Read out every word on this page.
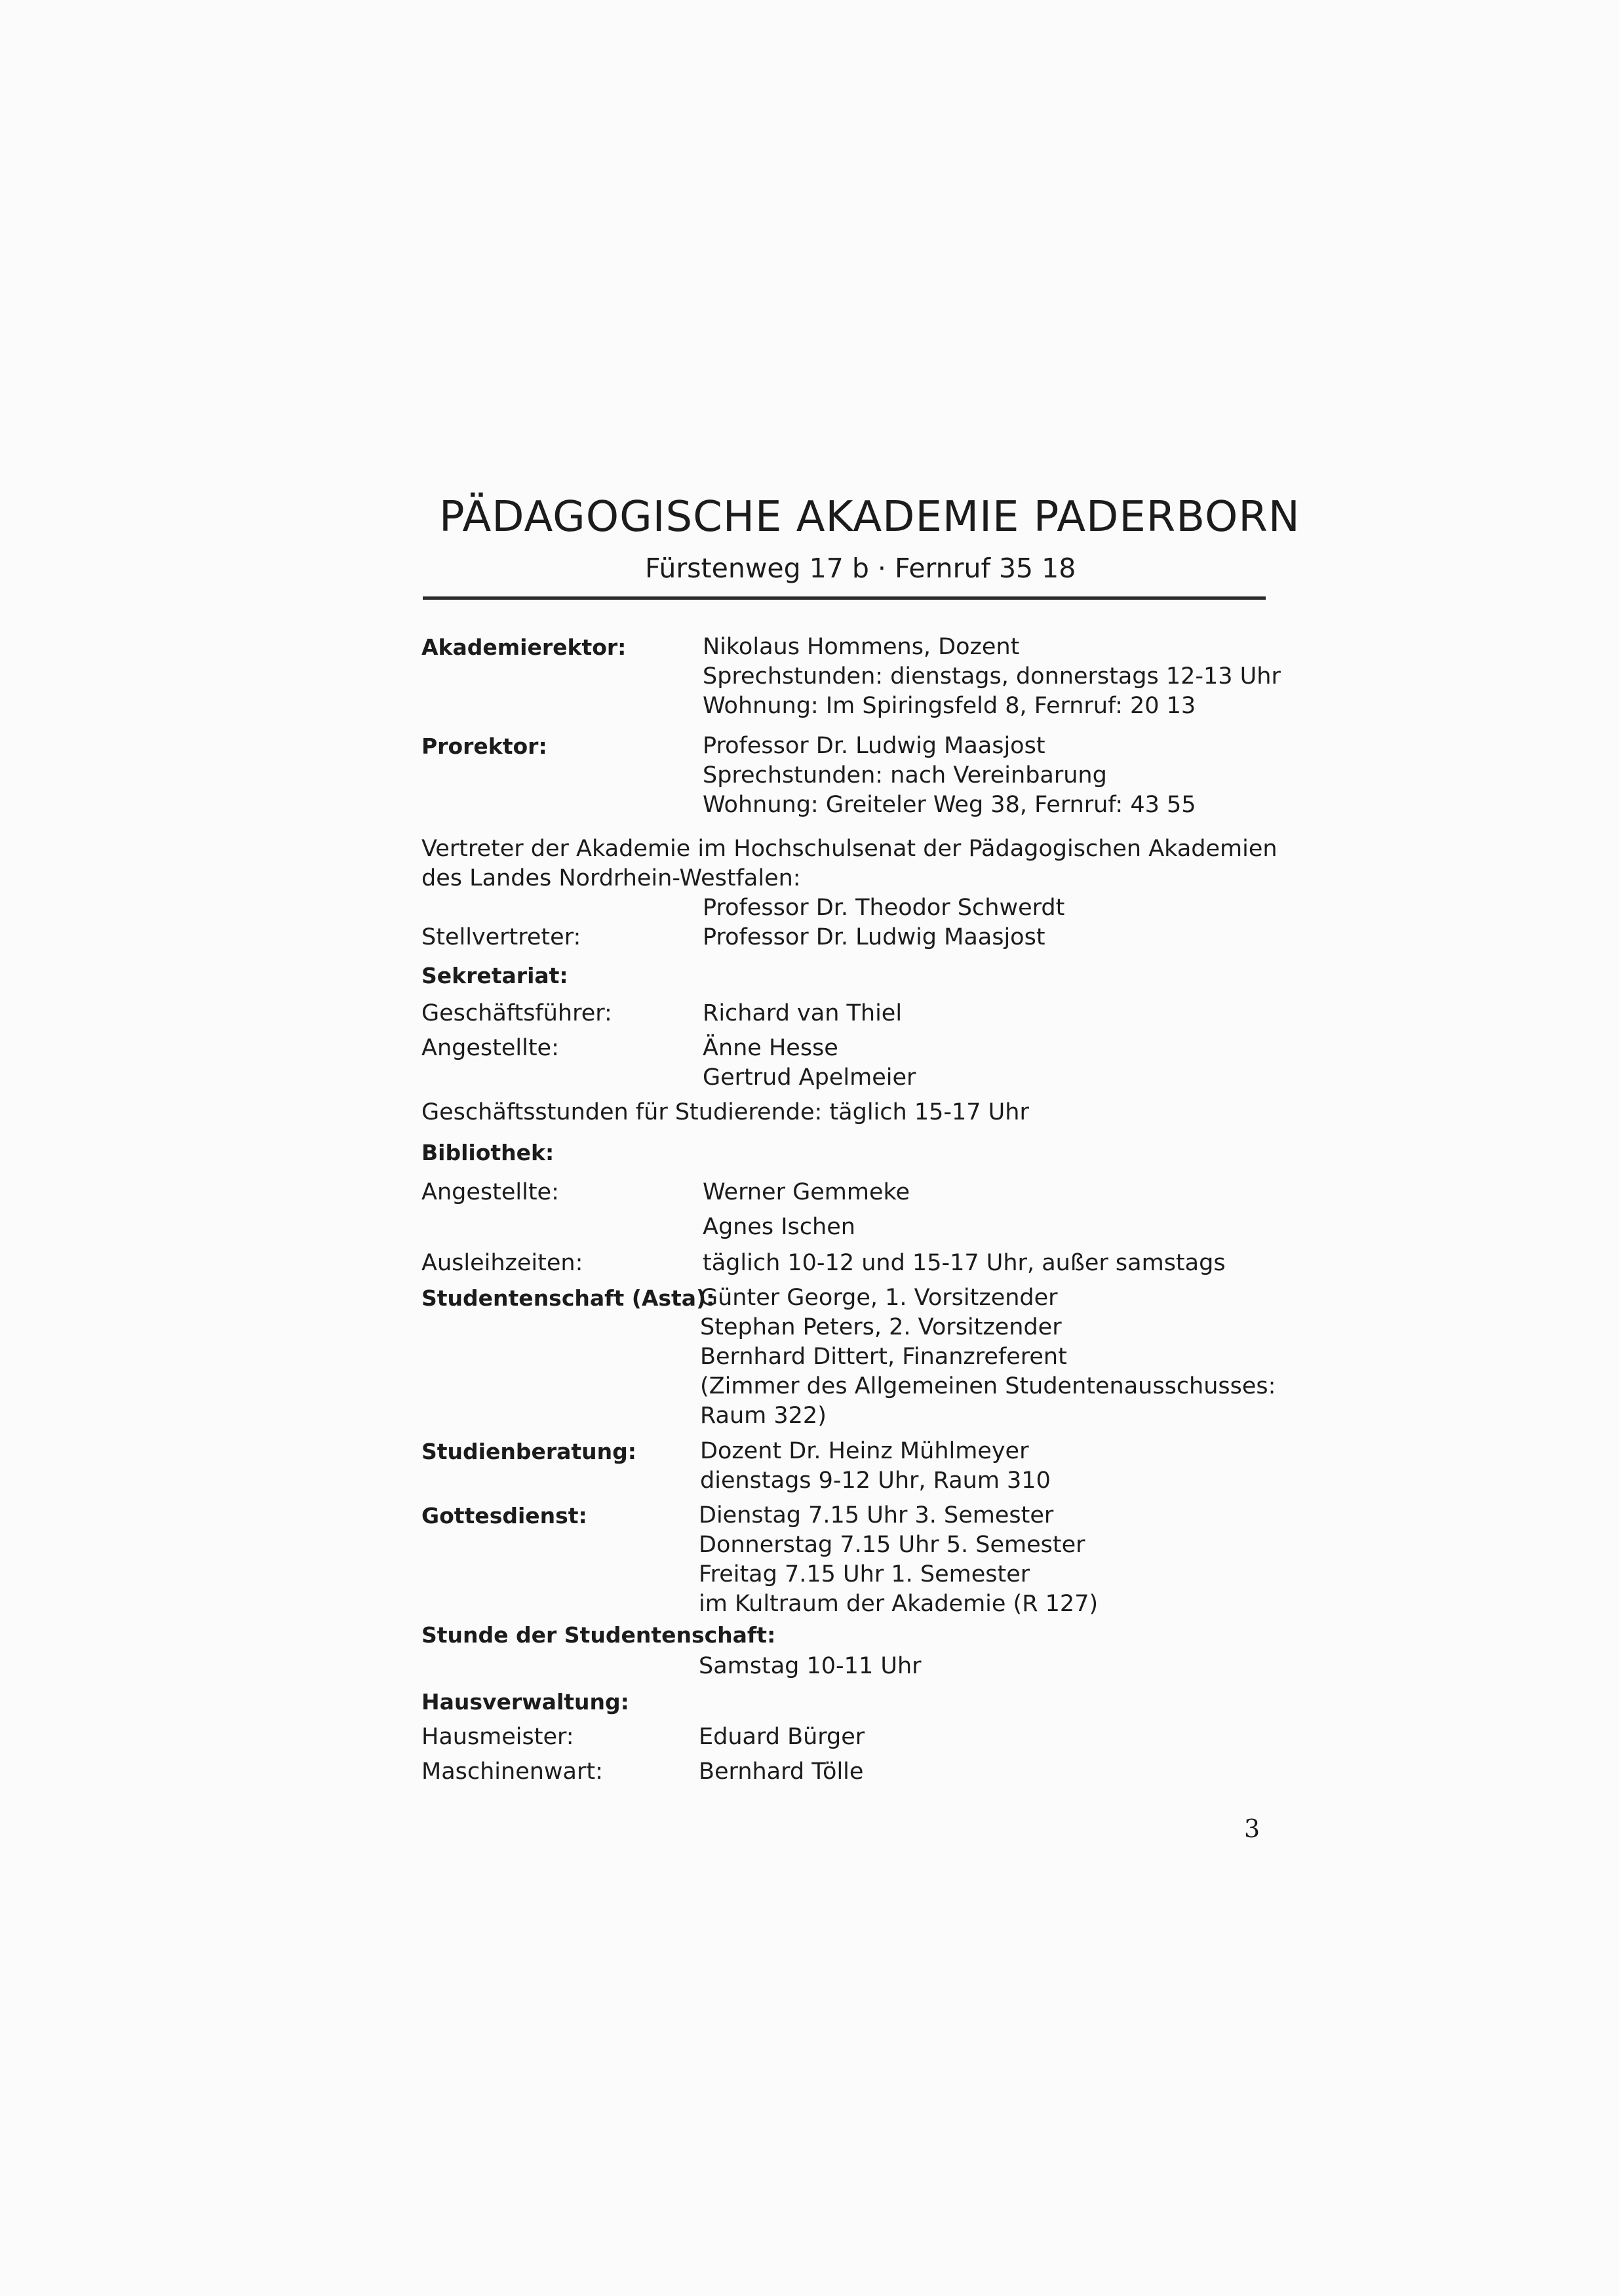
PÄDAGOGISCHE AKADEMIE PADERBORN
Fürstenweg 17 b · Fernruf 35 18
Akademierektor:	Nikolaus Hommens, Dozent
Sprechstunden: dienstags, donnerstags 12-13 Uhr
Wohnung: Im Spiringsfeld 8, Fernruf: 20 13
Prorektor:	Professor Dr. Ludwig Maasjost
Sprechstunden: nach Vereinbarung
Wohnung: Greiteler Weg 38, Fernruf: 43 55
Vertreter der Akademie im Hochschulsenat der Pädagogischen Akademien
des Landes Nordrhein-Westfalen:
Professor Dr. Theodor Schwerdt
Stellvertreter:	Professor Dr. Ludwig Maasjost
Sekretariat:
Geschäftsführer:	Richard van Thiel
Angestellte:	Änne Hesse
Gertrud Apelmeier
Geschäftsstunden für Studierende: täglich 15-17 Uhr
Bibliothek:
Angestellte:	Werner Gemmeke
Agnes Ischen
Ausleihzeiten:	täglich 10-12 und 15-17 Uhr, außer samstags
Studentenschaft (Asta):
Günter George, 1. Vorsitzender
Stephan Peters, 2. Vorsitzender
Bernhard Dittert, Finanzreferent
(Zimmer des Allgemeinen Studentenausschusses:
Raum 322)
Studienberatung:	Dozent Dr. Heinz Mühlmeyer
dienstags 9-12 Uhr, Raum 310
Gottesdienst:	Dienstag 7.15 Uhr 3. Semester
Donnerstag 7.15 Uhr 5. Semester
Freitag 7.15 Uhr 1. Semester
im Kultraum der Akademie (R 127)
Stunde der Studentenschaft:
Samstag 10-11 Uhr
Hausverwaltung:
Hausmeister:	Eduard Bürger
Maschinenwart:	Bernhard Tölle
3
